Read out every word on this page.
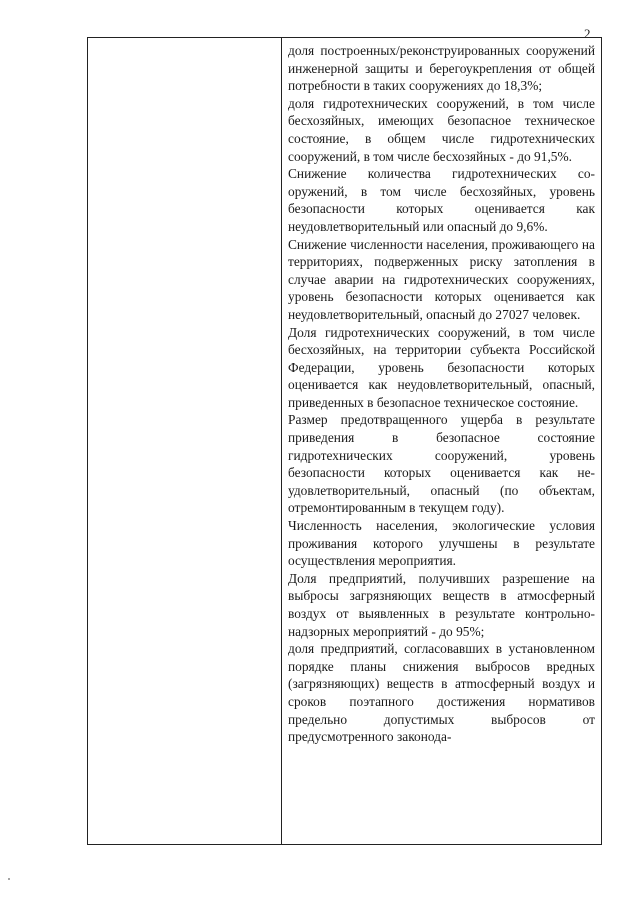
2

доля построенных/реконструированных сооружений инженерной защиты и берегоукрепления от общей потребности в таких сооружениях до 18,3%;

доля гидротехнических сооружений, в том числе бесхозяйных, имеющих безопасное техническое состояние, в общем числе гидротехнических сооружений, в том числе бесхозяйных - до 91,5%.

Снижение количества гидротехнических сооружений, в том числе бесхозяйных, уровень безопасности которых оценивается как неудовлетворительный или опасный до 9,6%.

Снижение численности населения, проживающего на территориях, подверженных риску затопления в случае аварии на гидротехнических сооружениях, уровень безопасности которых оценивается как неудовлетворительный, опасный до 27027 человек.

Доля гидротехнических сооружений, в том числе бесхозяйных, на территории субъекта Российской Федерации, уровень безопасности которых оценивается как неудовлетворительный, опасный, приведенных в безопасное техническое состояние.

Размер предотвращенного ущерба в результате приведения в безопасное состояние гидротехнических сооружений, уровень безопасности которых оценивается как неудовлетворительный, опасный (по объектам, отремонтированным в текущем году).

Численность населения, экологические условия проживания которого улучшены в результате осуществления мероприятия.

Доля предприятий, получивших разрешение на выбросы загрязняющих веществ в атмосферный воздух от выявленных в результате контрольно-надзорных мероприятий - до 95%;

доля предприятий, согласовавших в установленном порядке планы снижения выбросов вредных (загрязняющих) веществ в атmосферный воздух и сроков поэтапного достижения нормативов предельно допустимых выбросов от предусмотренного законода-
